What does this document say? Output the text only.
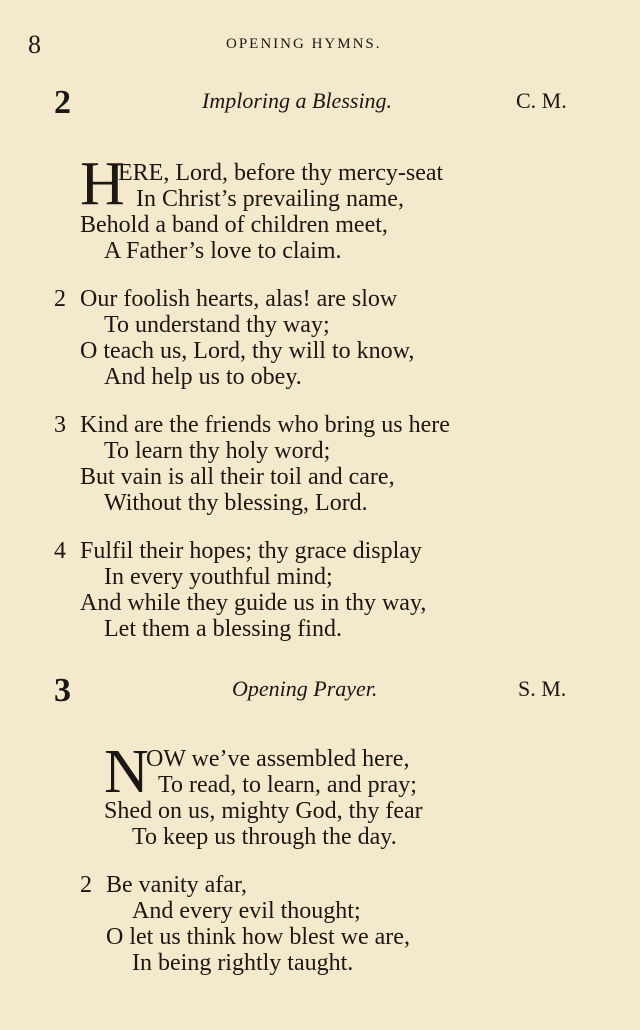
8	OPENING HYMNS.
2	Imploring a Blessing.	C. M.
H
ERE, Lord, before thy mercy-seat
In Christ’s prevailing name,
Behold a band of children meet,
A Father’s love to claim.
2 Our foolish hearts, alas! are slow
To understand thy way;
O teach us, Lord, thy will to know,
And help us to obey.
3 Kind are the friends who bring us here
To learn thy holy word;
But vain is all their toil and care,
Without thy blessing, Lord.
4 Fulfil their hopes; thy grace display
In every youthful mind;
And while they guide us in thy way,
Let them a blessing find.
3	Opening Prayer.	S. M.
N
OW we’ve assembled here,
To read, to learn, and pray;
Shed on us, mighty God, thy fear
To keep us through the day.
2 Be vanity afar,
And every evil thought;
O let us think how blest we are,
In being rightly taught.
